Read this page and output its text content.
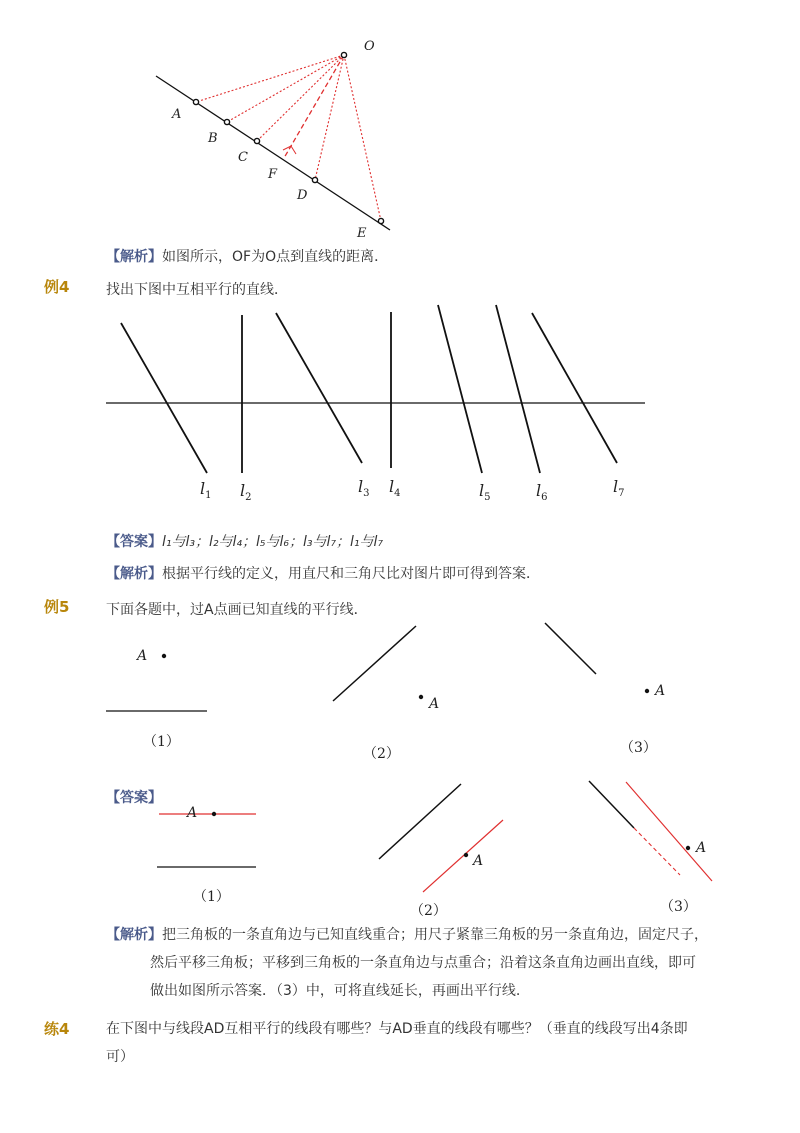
O
A
B
C
F
D
E
【解析】如图所示，OF为O点到直线的距离．
例4	找出下图中互相平行的直线．
$l_1$ $l_2$
$l_3$ $l_4$	$l_5$	$l_6$
$l_7$
【答案】l₁与l₃；l₂与l₄；l₅与l₆；l₃与l₇；l₁与l₇
【解析】根据平行线的定义，用直尺和三角尺比对图片即可得到答案．
例5	下面各题中，过A点画已知直线的平行线．
A
（1）
A
（2）
A
（3）
【答案】
A
（1）
A
（2）
A
（3）
【解析】把三角板的一条直角边与已知直线重合；用尺子紧靠三角板的另一条直角边，固定尺子，
然后平移三角板；平移到三角板的一条直角边与点重合；沿着这条直角边画出直线，即可
做出如图所示答案．（3）中，可将直线延长，再画出平行线.
练4	在下图中与线段AD互相平行的线段有哪些？与AD垂直的线段有哪些？（垂直的线段写出4条即
可）
